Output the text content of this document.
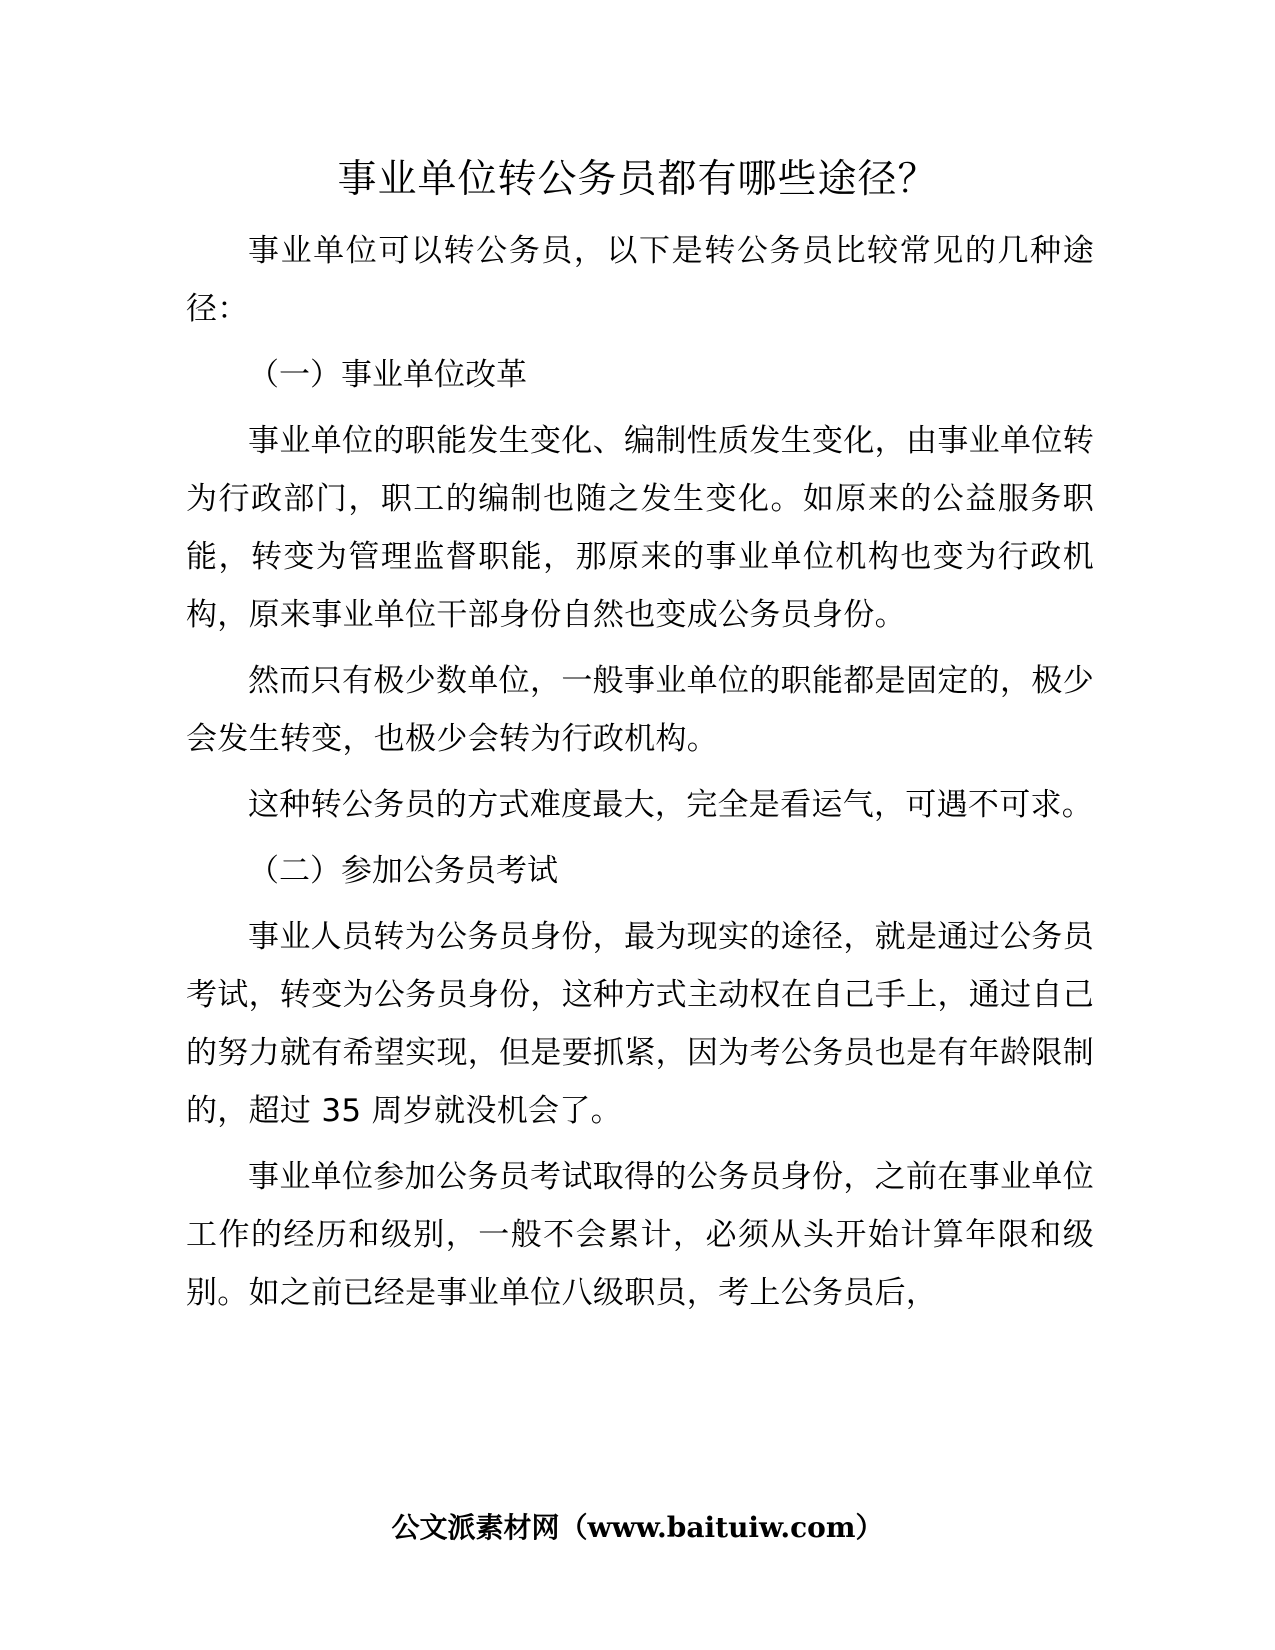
事业单位转公务员都有哪些途径？

事业单位可以转公务员，以下是转公务员比较常见的几种途径：

（一）事业单位改革

事业单位的职能发生变化、编制性质发生变化，由事业单位转为行政部门，职工的编制也随之发生变化。如原来的公益服务职能，转变为管理监督职能，那原来的事业单位机构也变为行政机构，原来事业单位干部身份自然也变成公务员身份。

然而只有极少数单位，一般事业单位的职能都是固定的，极少会发生转变，也极少会转为行政机构。

这种转公务员的方式难度最大，完全是看运气，可遇不可求。

（二）参加公务员考试

事业人员转为公务员身份，最为现实的途径，就是通过公务员考试，转变为公务员身份，这种方式主动权在自己手上，通过自己的努力就有希望实现，但是要抓紧，因为考公务员也是有年龄限制的，超过 35 周岁就没机会了。

事业单位参加公务员考试取得的公务员身份，之前在事业单位工作的经历和级别，一般不会累计，必须从头开始计算年限和级别。如之前已经是事业单位八级职员，考上公务员后，

公文派素材网（www.baituiw.com）
